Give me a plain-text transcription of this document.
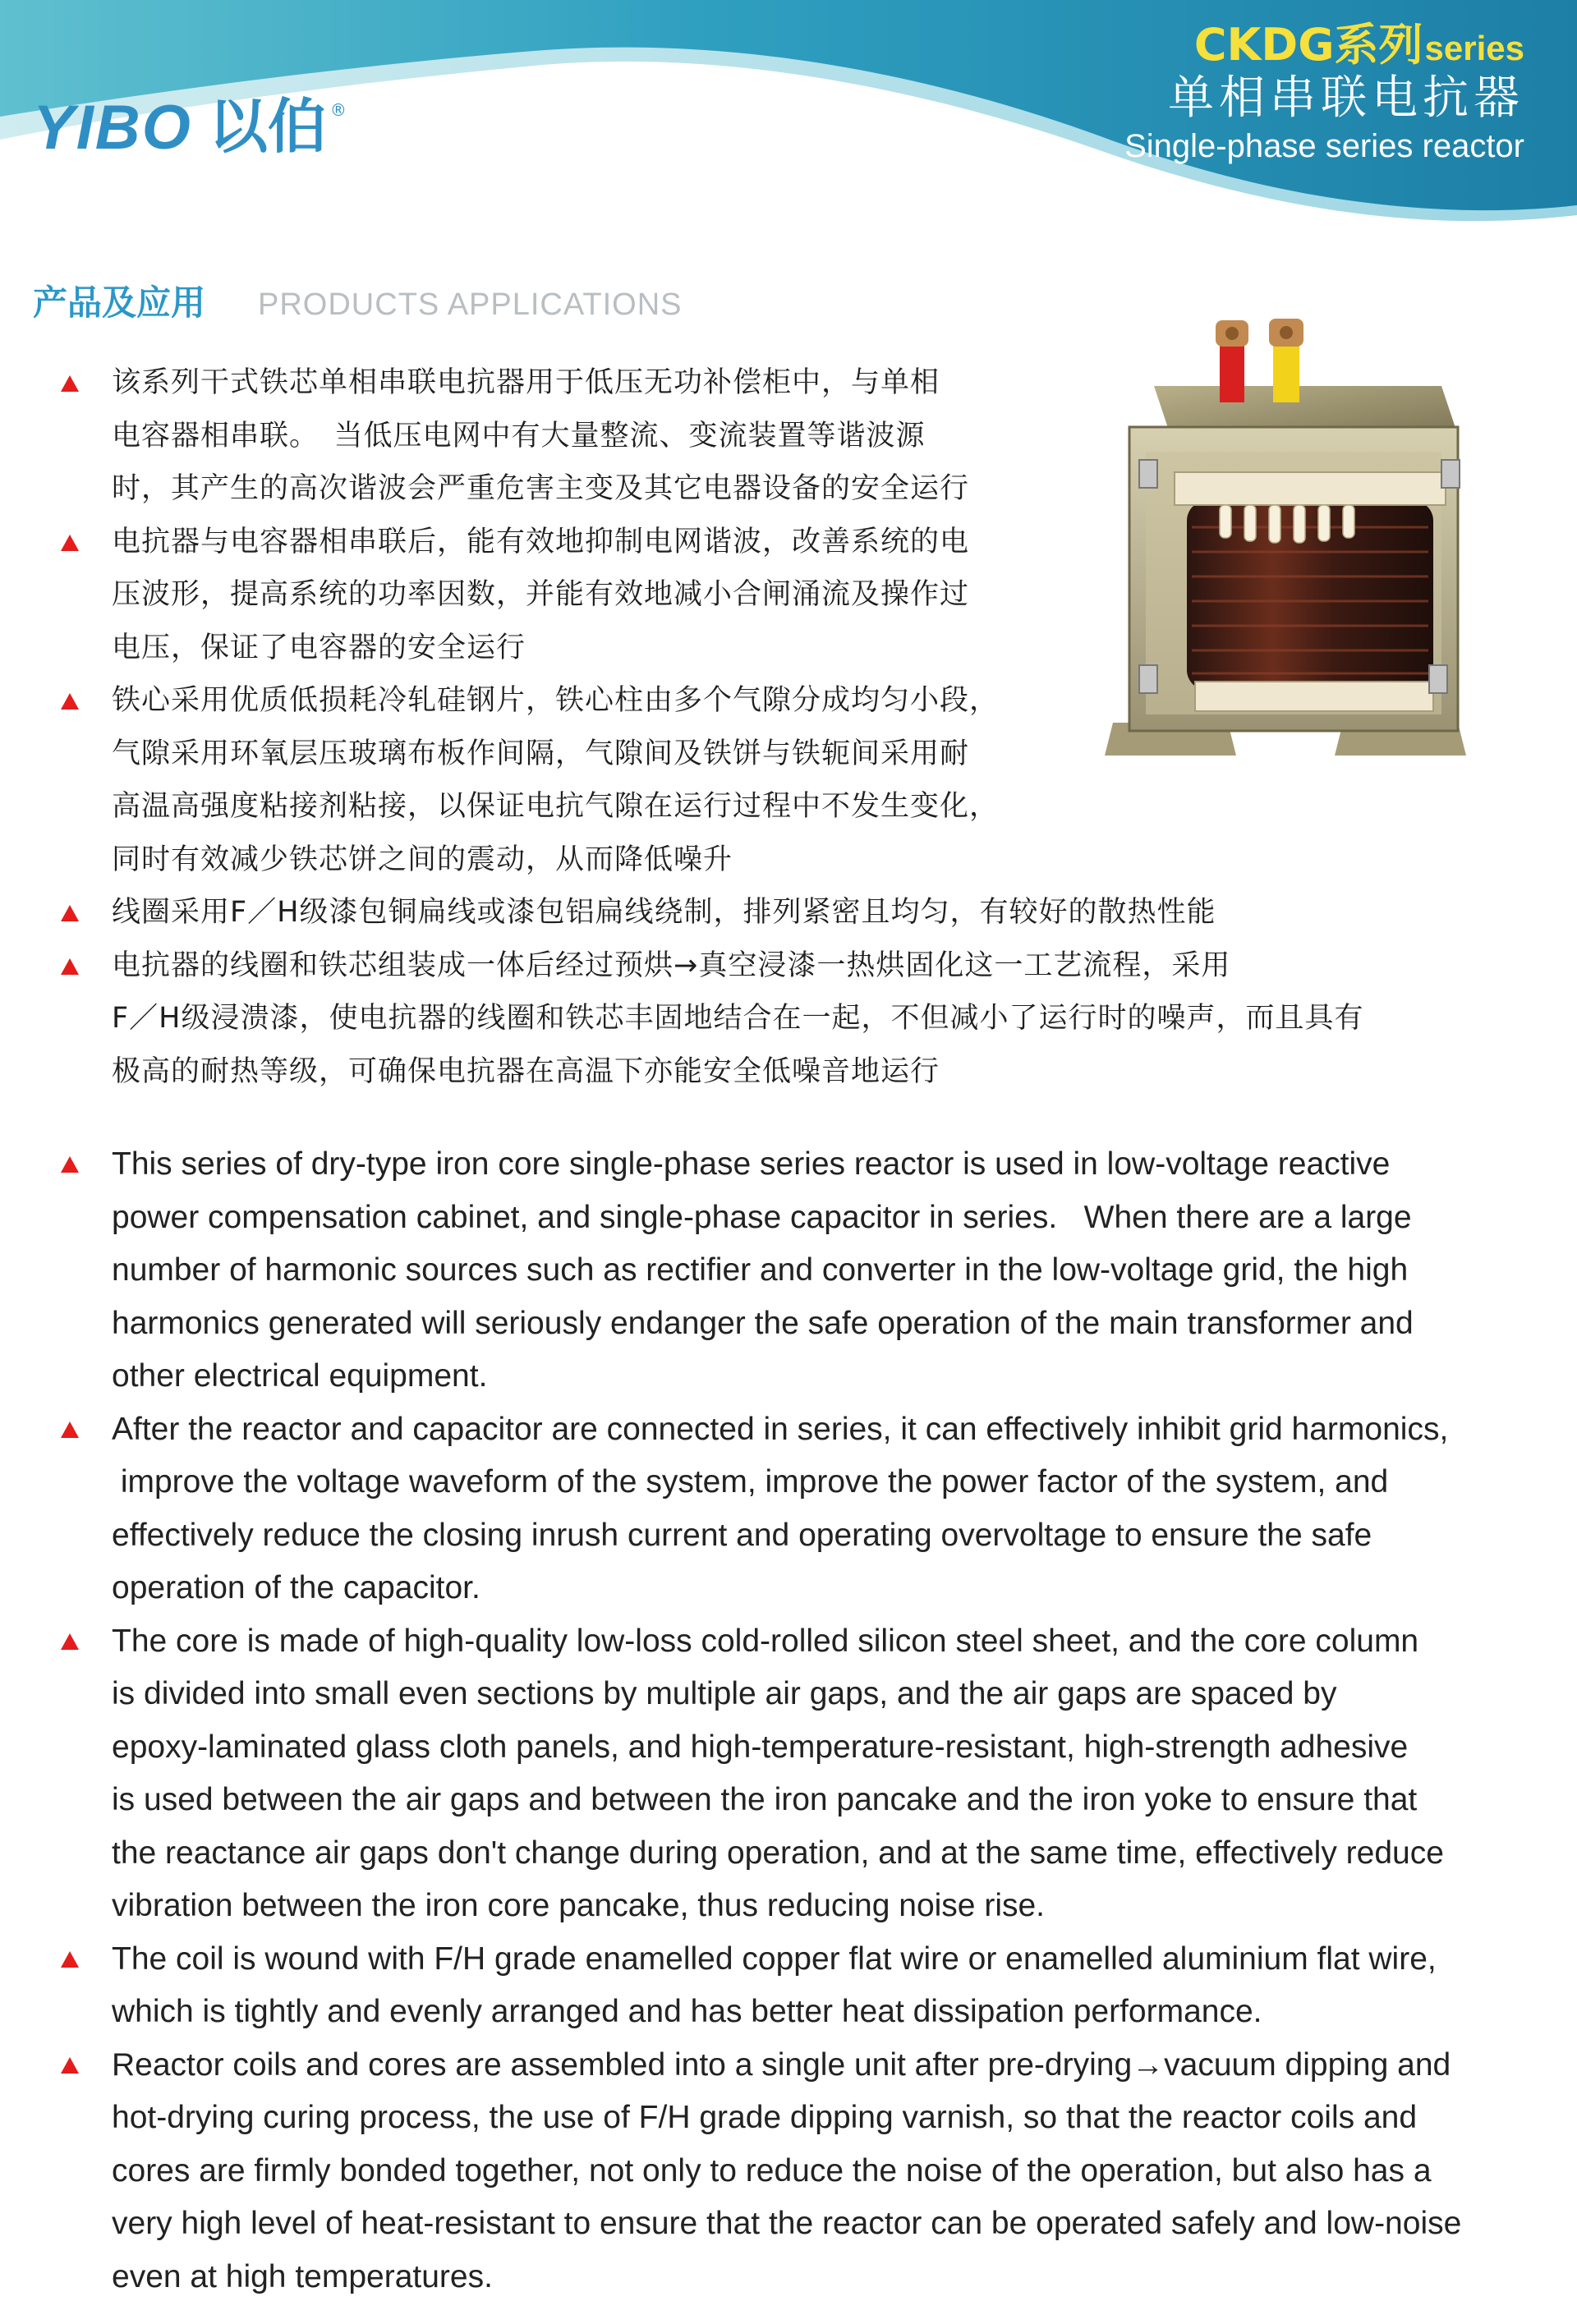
YIBO 以伯 ®
CKDG系列series
单相串联电抗器
Single-phase series reactor
产品及应用 PRODUCTS APPLICATIONS
该系列干式铁芯单相串联电抗器用于低压无功补偿柜中，与单相
电容器相串联。　当低压电网中有大量整流、变流装置等谐波源
时，其产生的高次谐波会严重危害主变及其它电器设备的安全运行
电抗器与电容器相串联后，能有效地抑制电网谐波，改善系统的电
压波形，提高系统的功率因数，并能有效地减小合闸涌流及操作过
电压，保证了电容器的安全运行
铁心采用优质低损耗冷轧硅钢片，铁心柱由多个气隙分成均匀小段，
气隙采用环氧层压玻璃布板作间隔，气隙间及铁饼与铁轭间采用耐
高温高强度粘接剂粘接，以保证电抗气隙在运行过程中不发生变化，
同时有效减少铁芯饼之间的震动，从而降低噪升
线圈采用F／H级漆包铜扁线或漆包铝扁线绕制，排列紧密且均匀，有较好的散热性能
电抗器的线圈和铁芯组装成一体后经过预烘→真空浸漆一热烘固化这一工艺流程，采用
F／H级浸溃漆，使电抗器的线圈和铁芯丰固地结合在一起，不但减小了运行时的噪声，而且具有
极高的耐热等级，可确保电抗器在高温下亦能安全低噪音地运行
This series of dry-type iron core single-phase series reactor is used in low-voltage reactive
power compensation cabinet, and single-phase capacitor in series.   When there are a large
number of harmonic sources such as rectifier and converter in the low-voltage grid, the high
harmonics generated will seriously endanger the safe operation of the main transformer and
other electrical equipment.
After the reactor and capacitor are connected in series, it can effectively inhibit grid harmonics,
improve the voltage waveform of the system, improve the power factor of the system, and
effectively reduce the closing inrush current and operating overvoltage to ensure the safe
operation of the capacitor.
The core is made of high-quality low-loss cold-rolled silicon steel sheet, and the core column
is divided into small even sections by multiple air gaps, and the air gaps are spaced by
epoxy-laminated glass cloth panels, and high-temperature-resistant, high-strength adhesive
is used between the air gaps and between the iron pancake and the iron yoke to ensure that
the reactance air gaps don't change during operation, and at the same time, effectively reduce
vibration between the iron core pancake, thus reducing noise rise.
The coil is wound with F/H grade enamelled copper flat wire or enamelled aluminium flat wire,
which is tightly and evenly arranged and has better heat dissipation performance.
Reactor coils and cores are assembled into a single unit after pre-drying→vacuum dipping and
hot-drying curing process, the use of F/H grade dipping varnish, so that the reactor coils and
cores are firmly bonded together, not only to reduce the noise of the operation, but also has a
very high level of heat-resistant to ensure that the reactor can be operated safely and low-noise
even at high temperatures.
